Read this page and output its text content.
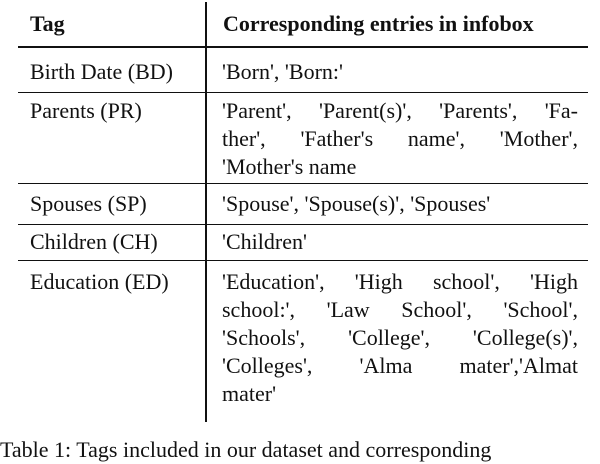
Tag	Corresponding entries in infobox
Birth Date (BD)	'Born', 'Born:'
Parents (PR)	'Parent', 'Parent(s)', 'Parents', 'Fa-
ther', 'Father's name', 'Mother',
'Mother's name
Spouses (SP)	'Spouse', 'Spouse(s)', 'Spouses'
Children (CH)	'Children'
Education (ED)	'Education', 'High school', 'High
school:', 'Law School', 'School',
'Schools', 'College', 'College(s)',
'Colleges', 'Alma mater','Almat
mater'
Table 1: Tags included in our dataset and corresponding
